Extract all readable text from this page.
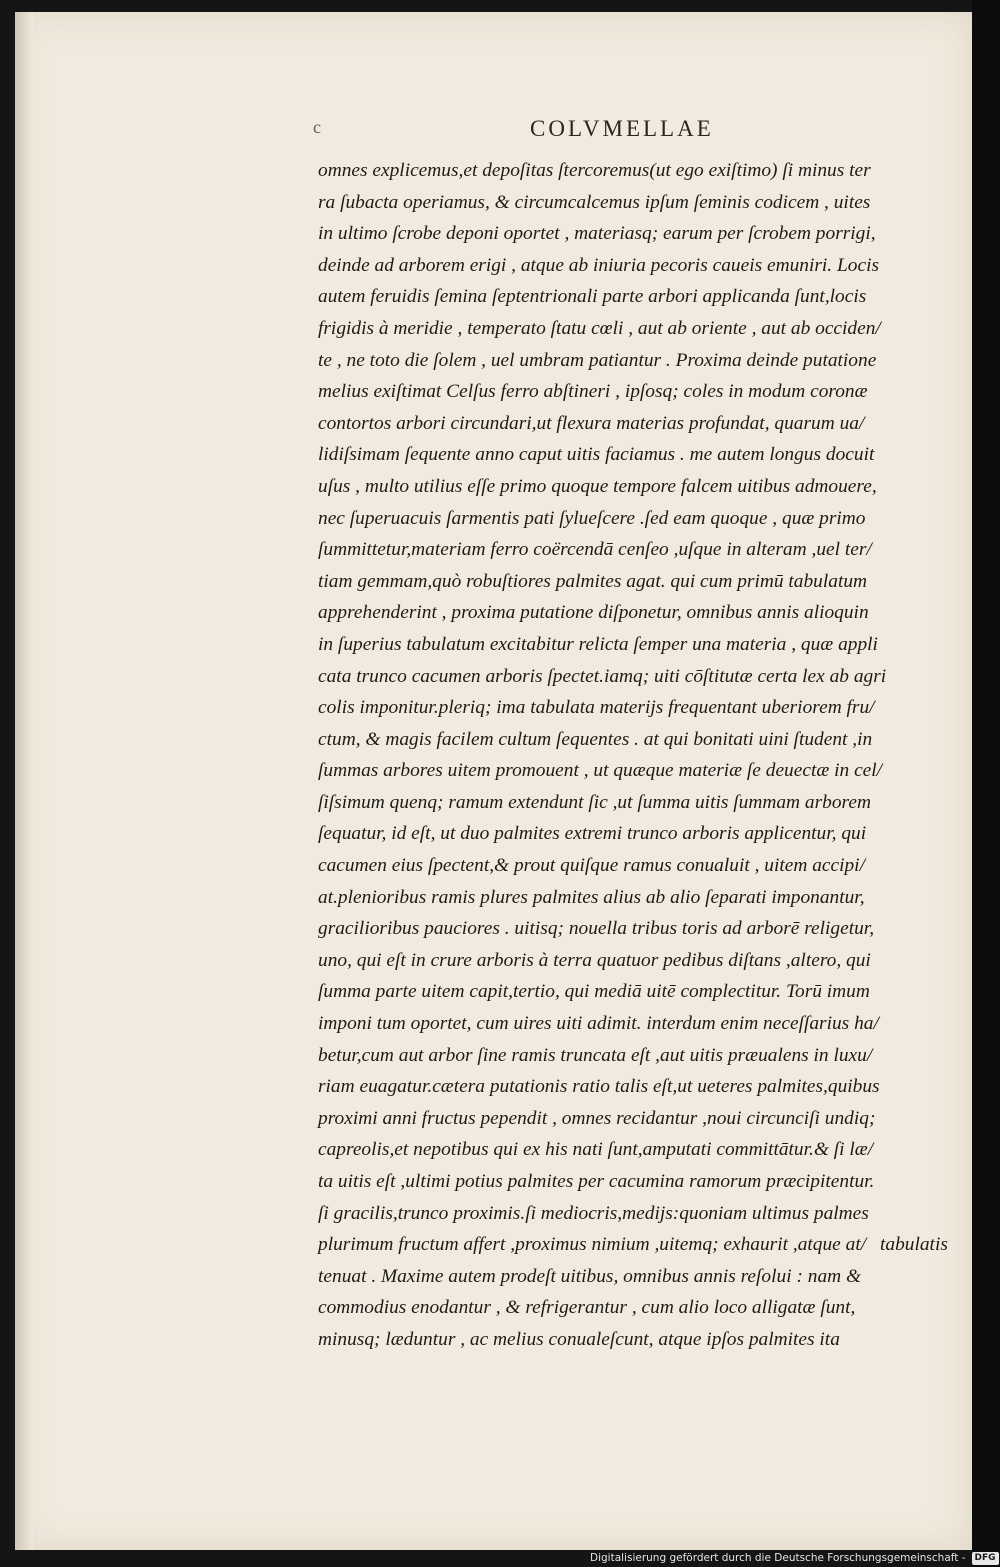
c	COLVMELLAE
omnes explicemus,et depoſitas ſtercoremus(ut ego exiſtimo) ſi minus ter
ra ſubacta operiamus, & circumcalcemus ipſum ſeminis codicem , uites
in ultimo ſcrobe deponi oportet , materiasq; earum per ſcrobem porrigi,
deinde ad arborem erigi , atque ab iniuria pecoris caueis emuniri. Locis
autem feruidis ſemina ſeptentrionali parte arbori applicanda ſunt,locis
frigidis à meridie , temperato ſtatu cœli , aut ab oriente , aut ab occiden/
te , ne toto die ſolem , uel umbram patiantur . Proxima deinde putatione
melius exiſtimat Celſus ferro abſtineri , ipſosq; coles in modum coronæ
contortos arbori circundari,ut flexura materias profundat, quarum ua/
lidiſsimam ſequente anno caput uitis faciamus . me autem longus docuit
uſus , multo utilius eſſe primo quoque tempore falcem uitibus admouere,
nec ſuperuacuis ſarmentis pati ſylueſcere .ſed eam quoque , quæ primo
ſummittetur,materiam ferro coërcendā cenſeo ,uſque in alteram ,uel ter/
tiam gemmam,quò robuſtiores palmites agat. qui cum primū tabulatum
apprehenderint , proxima putatione diſponetur, omnibus annis alioquin
in ſuperius tabulatum excitabitur relicta ſemper una materia , quæ appli
cata trunco cacumen arboris ſpectet.iamq; uiti cōſtitutæ certa lex ab agri
colis imponitur.pleriq; ima tabulata materijs frequentant uberiorem fru/
ctum, & magis facilem cultum ſequentes . at qui bonitati uini ſtudent ,in
ſummas arbores uitem promouent , ut quæque materiæ ſe deuectæ in cel/
ſiſsimum quenq; ramum extendunt ſic ,ut ſumma uitis ſummam arborem
ſequatur, id eſt, ut duo palmites extremi trunco arboris applicentur, qui
cacumen eius ſpectent,& prout quiſque ramus conualuit , uitem accipi/
at.plenioribus ramis plures palmites alius ab alio ſeparati imponantur,
gracilioribus pauciores . uitisq; nouella tribus toris ad arborē religetur,
uno, qui eſt in crure arboris à terra quatuor pedibus diſtans ,altero, qui
ſumma parte uitem capit,tertio, qui mediā uitē complectitur. Torū imum
imponi tum oportet, cum uires uiti adimit. interdum enim neceſſarius ha/
betur,cum aut arbor ſine ramis truncata eſt ,aut uitis præualens in luxu/
riam euagatur.cætera putationis ratio talis eſt,ut ueteres palmites,quibus
proximi anni fructus pependit , omnes recidantur ,noui circunciſi undiq;
capreolis,et nepotibus qui ex his nati ſunt,amputati committātur.& ſi læ/
ta uitis eſt ,ultimi potius palmites per cacumina ramorum præcipitentur.
ſi gracilis,trunco proximis.ſi mediocris,medijs:quoniam ultimus palmes
plurimum fructum affert ,proximus nimium ,uitemq; exhaurit ,atque at/
tenuat . Maxime autem prodeſt uitibus, omnibus annis reſolui : nam &
commodius enodantur , & refrigerantur , cum alio loco alligatæ ſunt,
minusq; læduntur , ac melius conualeſcunt, atque ipſos palmites ita
tabulatis
Digitalisierung gefördert durch die Deutsche Forschungsgemeinschaft -	DFG
